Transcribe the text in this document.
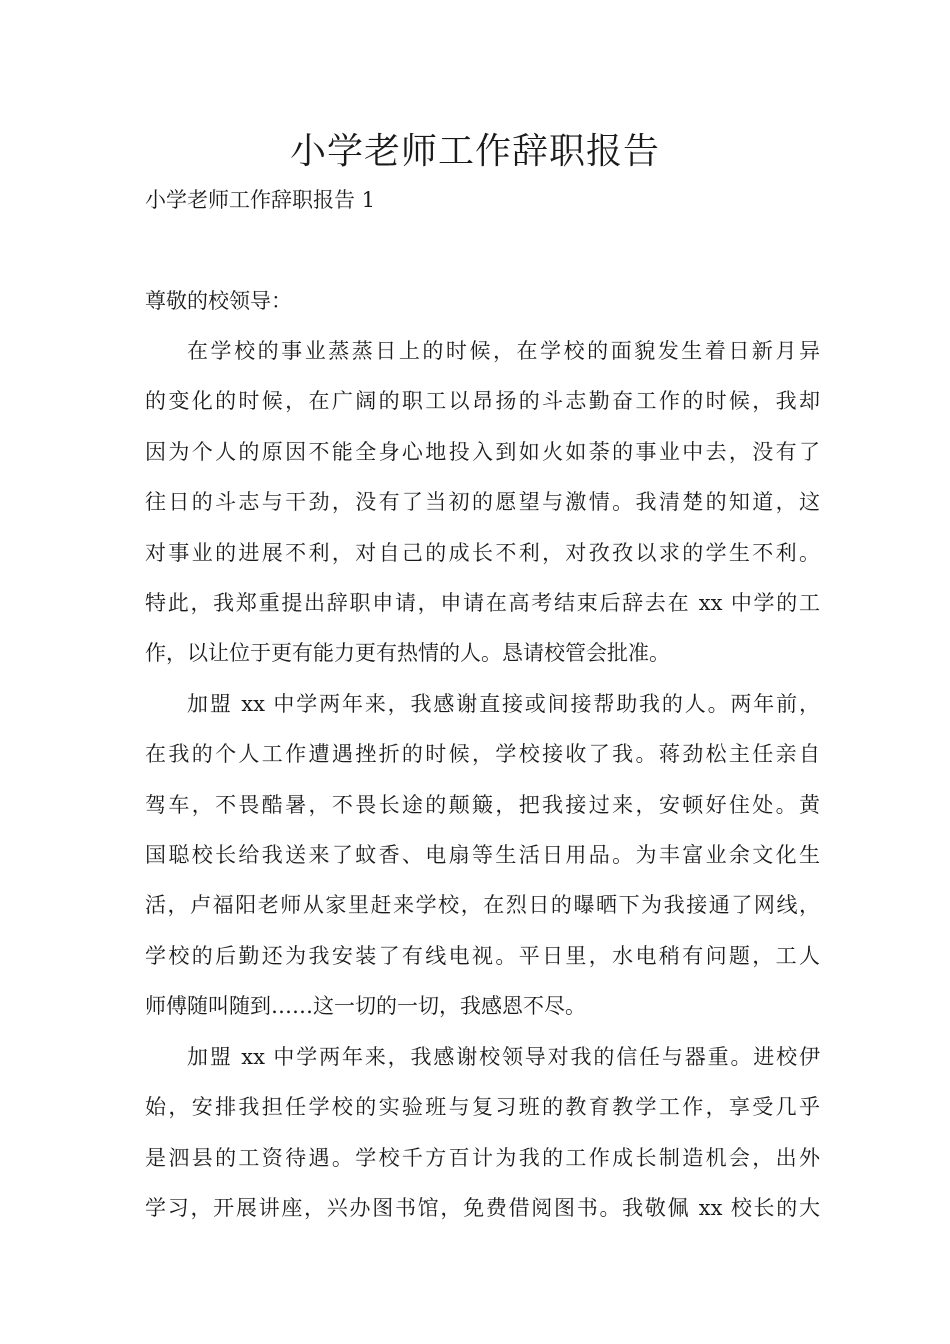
小学老师工作辞职报告

小学老师工作辞职报告 1

尊敬的校领导：

在学校的事业蒸蒸日上的时候，在学校的面貌发生着日新月异
的变化的时候，在广阔的职工以昂扬的斗志勤奋工作的时候，我却
因为个人的原因不能全身心地投入到如火如荼的事业中去，没有了
往日的斗志与干劲，没有了当初的愿望与激情。我清楚的知道，这
对事业的进展不利，对自己的成长不利，对孜孜以求的学生不利。
特此，我郑重提出辞职申请，申请在高考结束后辞去在 xx 中学的工
作，以让位于更有能力更有热情的人。恳请校管会批准。
加盟 xx 中学两年来，我感谢直接或间接帮助我的人。两年前，
在我的个人工作遭遇挫折的时候，学校接收了我。蒋劲松主任亲自
驾车，不畏酷暑，不畏长途的颠簸，把我接过来，安顿好住处。黄
国聪校长给我送来了蚊香、电扇等生活日用品。为丰富业余文化生
活，卢福阳老师从家里赶来学校，在烈日的曝晒下为我接通了网线，
学校的后勤还为我安装了有线电视。平日里，水电稍有问题，工人
师傅随叫随到……这一切的一切，我感恩不尽。
加盟 xx 中学两年来，我感谢校领导对我的信任与器重。进校伊
始，安排我担任学校的实验班与复习班的教育教学工作，享受几乎
是泗县的工资待遇。学校千方百计为我的工作成长制造机会，出外
学习，开展讲座，兴办图书馆，免费借阅图书。我敬佩 xx 校长的大
